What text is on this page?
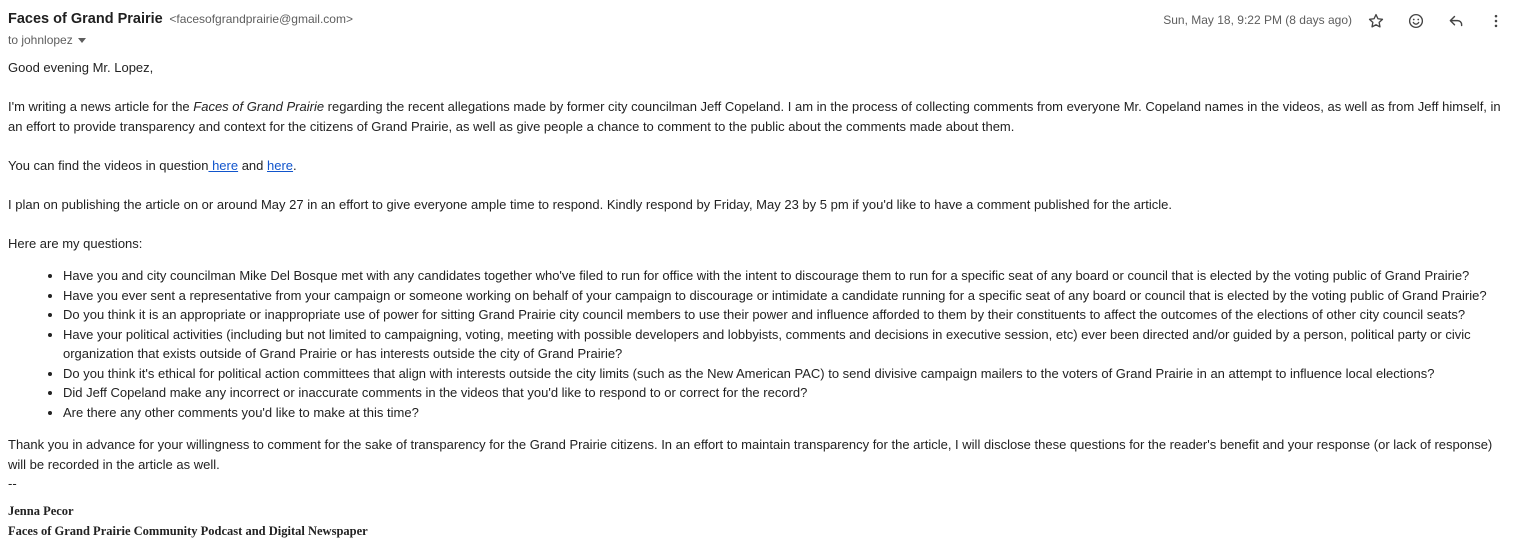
Faces of Grand Prairie <facesofgrandprairie@gmail.com>
to johnlopez
Sun, May 18, 9:22 PM (8 days ago)

Good evening Mr. Lopez,

I'm writing a news article for the Faces of Grand Prairie regarding the recent allegations made by former city councilman Jeff Copeland. I am in the process of collecting comments from everyone Mr. Copeland names in the videos, as well as from Jeff himself, in an effort to provide transparency and context for the citizens of Grand Prairie, as well as give people a chance to comment to the public about the comments made about them.

You can find the videos in question here and here.

I plan on publishing the article on or around May 27 in an effort to give everyone ample time to respond. Kindly respond by Friday, May 23 by 5 pm if you'd like to have a comment published for the article.

Here are my questions:

• Have you and city councilman Mike Del Bosque met with any candidates together who've filed to run for office with the intent to discourage them to run for a specific seat of any board or council that is elected by the voting public of Grand Prairie?
• Have you ever sent a representative from your campaign or someone working on behalf of your campaign to discourage or intimidate a candidate running for a specific seat of any board or council that is elected by the voting public of Grand Prairie?
• Do you think it is an appropriate or inappropriate use of power for sitting Grand Prairie city council members to use their power and influence afforded to them by their constituents to affect the outcomes of the elections of other city council seats?
• Have your political activities (including but not limited to campaigning, voting, meeting with possible developers and lobbyists, comments and decisions in executive session, etc) ever been directed and/or guided by a person, political party or civic organization that exists outside of Grand Prairie or has interests outside the city of Grand Prairie?
• Do you think it's ethical for political action committees that align with interests outside the city limits (such as the New American PAC) to send divisive campaign mailers to the voters of Grand Prairie in an attempt to influence local elections?
• Did Jeff Copeland make any incorrect or inaccurate comments in the videos that you'd like to respond to or correct for the record?
• Are there any other comments you'd like to make at this time?

Thank you in advance for your willingness to comment for the sake of transparency for the Grand Prairie citizens. In an effort to maintain transparency for the article, I will disclose these questions for the reader's benefit and your response (or lack of response) will be recorded in the article as well.

--

Jenna Pecor
Faces of Grand Prairie Community Podcast and Digital Newspaper
